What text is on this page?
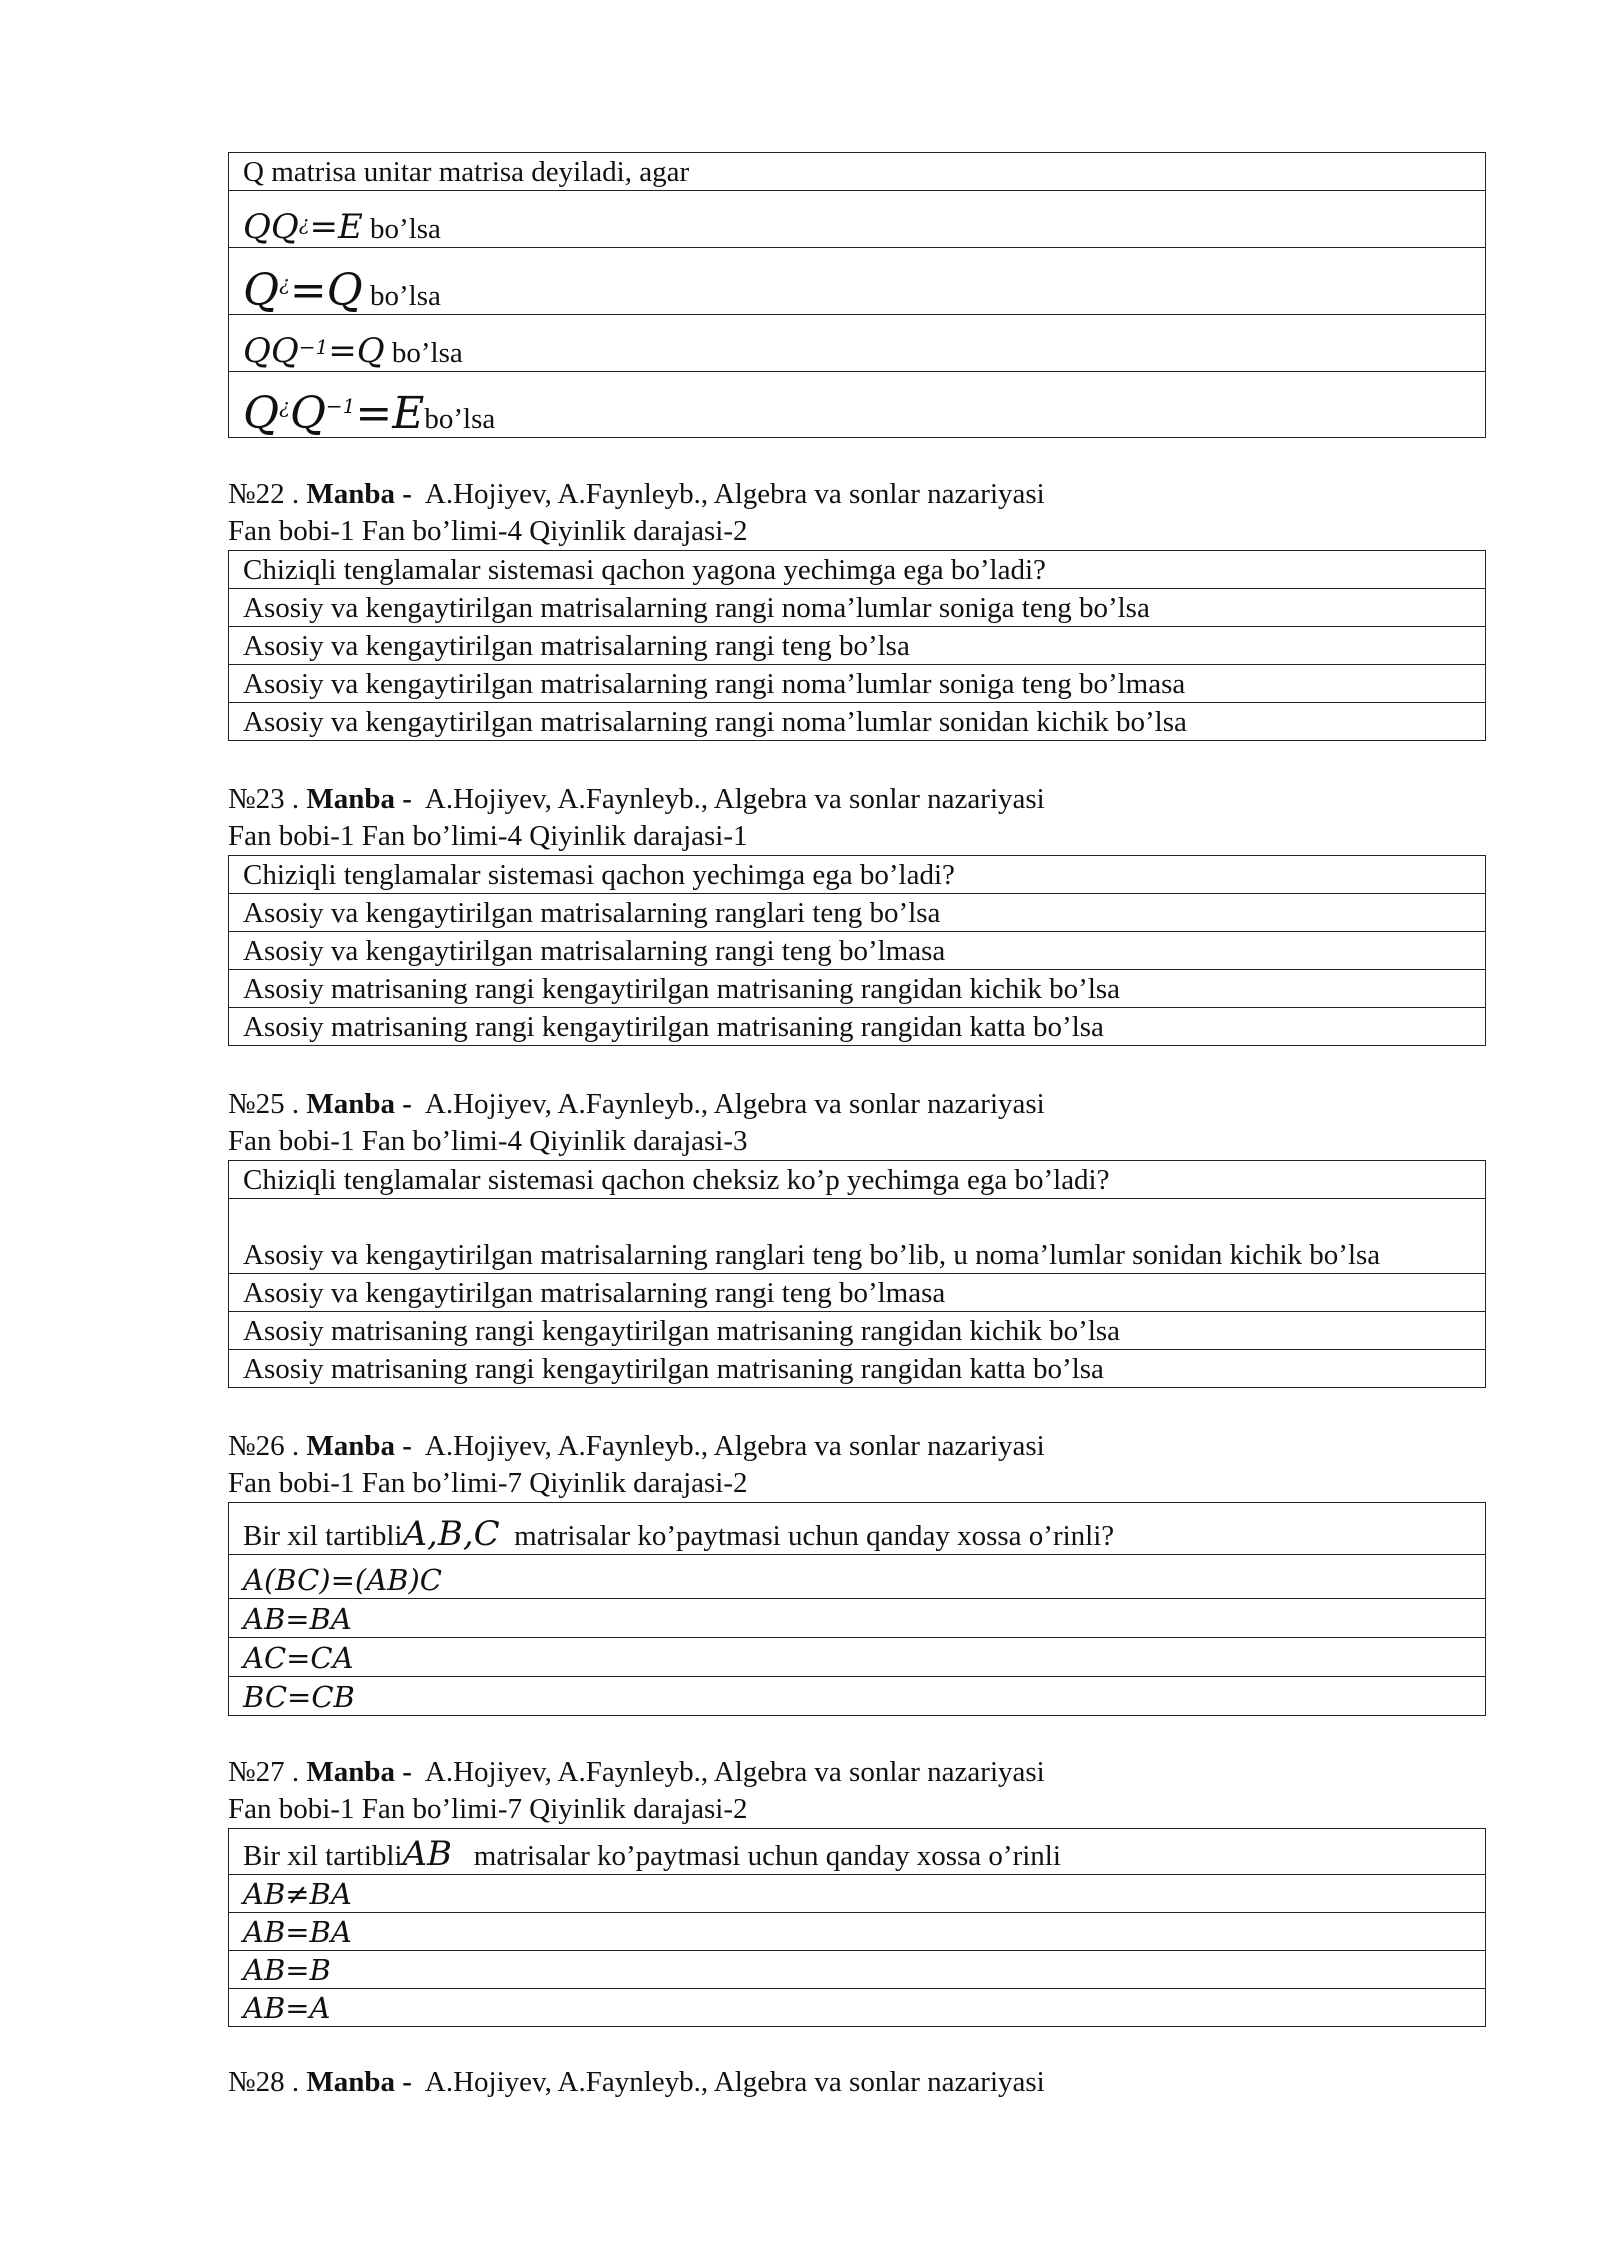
Q matrisa unitar matrisa deyiladi, agar
QQ¿=E bo’lsa
Q¿=Q bo’lsa
$QQ^{-1}=Q$ bo’lsa
$Q^¿Q^{-1}=Ebo’lsa$
№22 . Manba - A.Hojiyev, A.Faynleyb., Algebra va sonlar nazariyasi
Fan bobi-1 Fan bo’limi-4 Qiyinlik darajasi-2
Chiziqli tenglamalar sistemasi qachon yagona yechimga ega bo’ladi?
Asosiy va kengaytirilgan matrisalarning rangi noma’lumlar soniga teng bo’lsa
Asosiy va kengaytirilgan matrisalarning rangi teng bo’lsa
Asosiy va kengaytirilgan matrisalarning rangi noma’lumlar soniga teng bo’lmasa
Asosiy va kengaytirilgan matrisalarning rangi noma’lumlar sonidan kichik bo’lsa
№23 . Manba - A.Hojiyev, A.Faynleyb., Algebra va sonlar nazariyasi
Fan bobi-1 Fan bo’limi-4 Qiyinlik darajasi-1
Chiziqli tenglamalar sistemasi qachon yechimga ega bo’ladi?
Asosiy va kengaytirilgan matrisalarning ranglari teng bo’lsa
Asosiy va kengaytirilgan matrisalarning rangi teng bo’lmasa
Asosiy matrisaning rangi kengaytirilgan matrisaning rangidan kichik bo’lsa
Asosiy matrisaning rangi kengaytirilgan matrisaning rangidan katta bo’lsa
№25 . Manba - A.Hojiyev, A.Faynleyb., Algebra va sonlar nazariyasi
Fan bobi-1 Fan bo’limi-4 Qiyinlik darajasi-3
Chiziqli tenglamalar sistemasi qachon cheksiz ko’p yechimga ega bo’ladi?
Asosiy va kengaytirilgan matrisalarning ranglari teng bo’lib, u noma’lumlar sonidan kichik bo’lsa
Asosiy va kengaytirilgan matrisalarning rangi teng bo’lmasa
Asosiy matrisaning rangi kengaytirilgan matrisaning rangidan kichik bo’lsa
Asosiy matrisaning rangi kengaytirilgan matrisaning rangidan katta bo’lsa
№26 . Manba - A.Hojiyev, A.Faynleyb., Algebra va sonlar nazariyasi
Fan bobi-1 Fan bo’limi-7 Qiyinlik darajasi-2
Bir xil tartibliA,B,C  matrisalar ko’paytmasi uchun qanday xossa o’rinli?
A(BC)=(AB)C
AB=BA
AC=CA
BC=CB
№27 . Manba - A.Hojiyev, A.Faynleyb., Algebra va sonlar nazariyasi
Fan bobi-1 Fan bo’limi-7 Qiyinlik darajasi-2
Bir xil tartibliAB   matrisalar ko’paytmasi uchun qanday xossa o’rinli
AB≠BA
AB=BA
AB=B
AB=A
№28 . Manba - A.Hojiyev, A.Faynleyb., Algebra va sonlar nazariyasi
